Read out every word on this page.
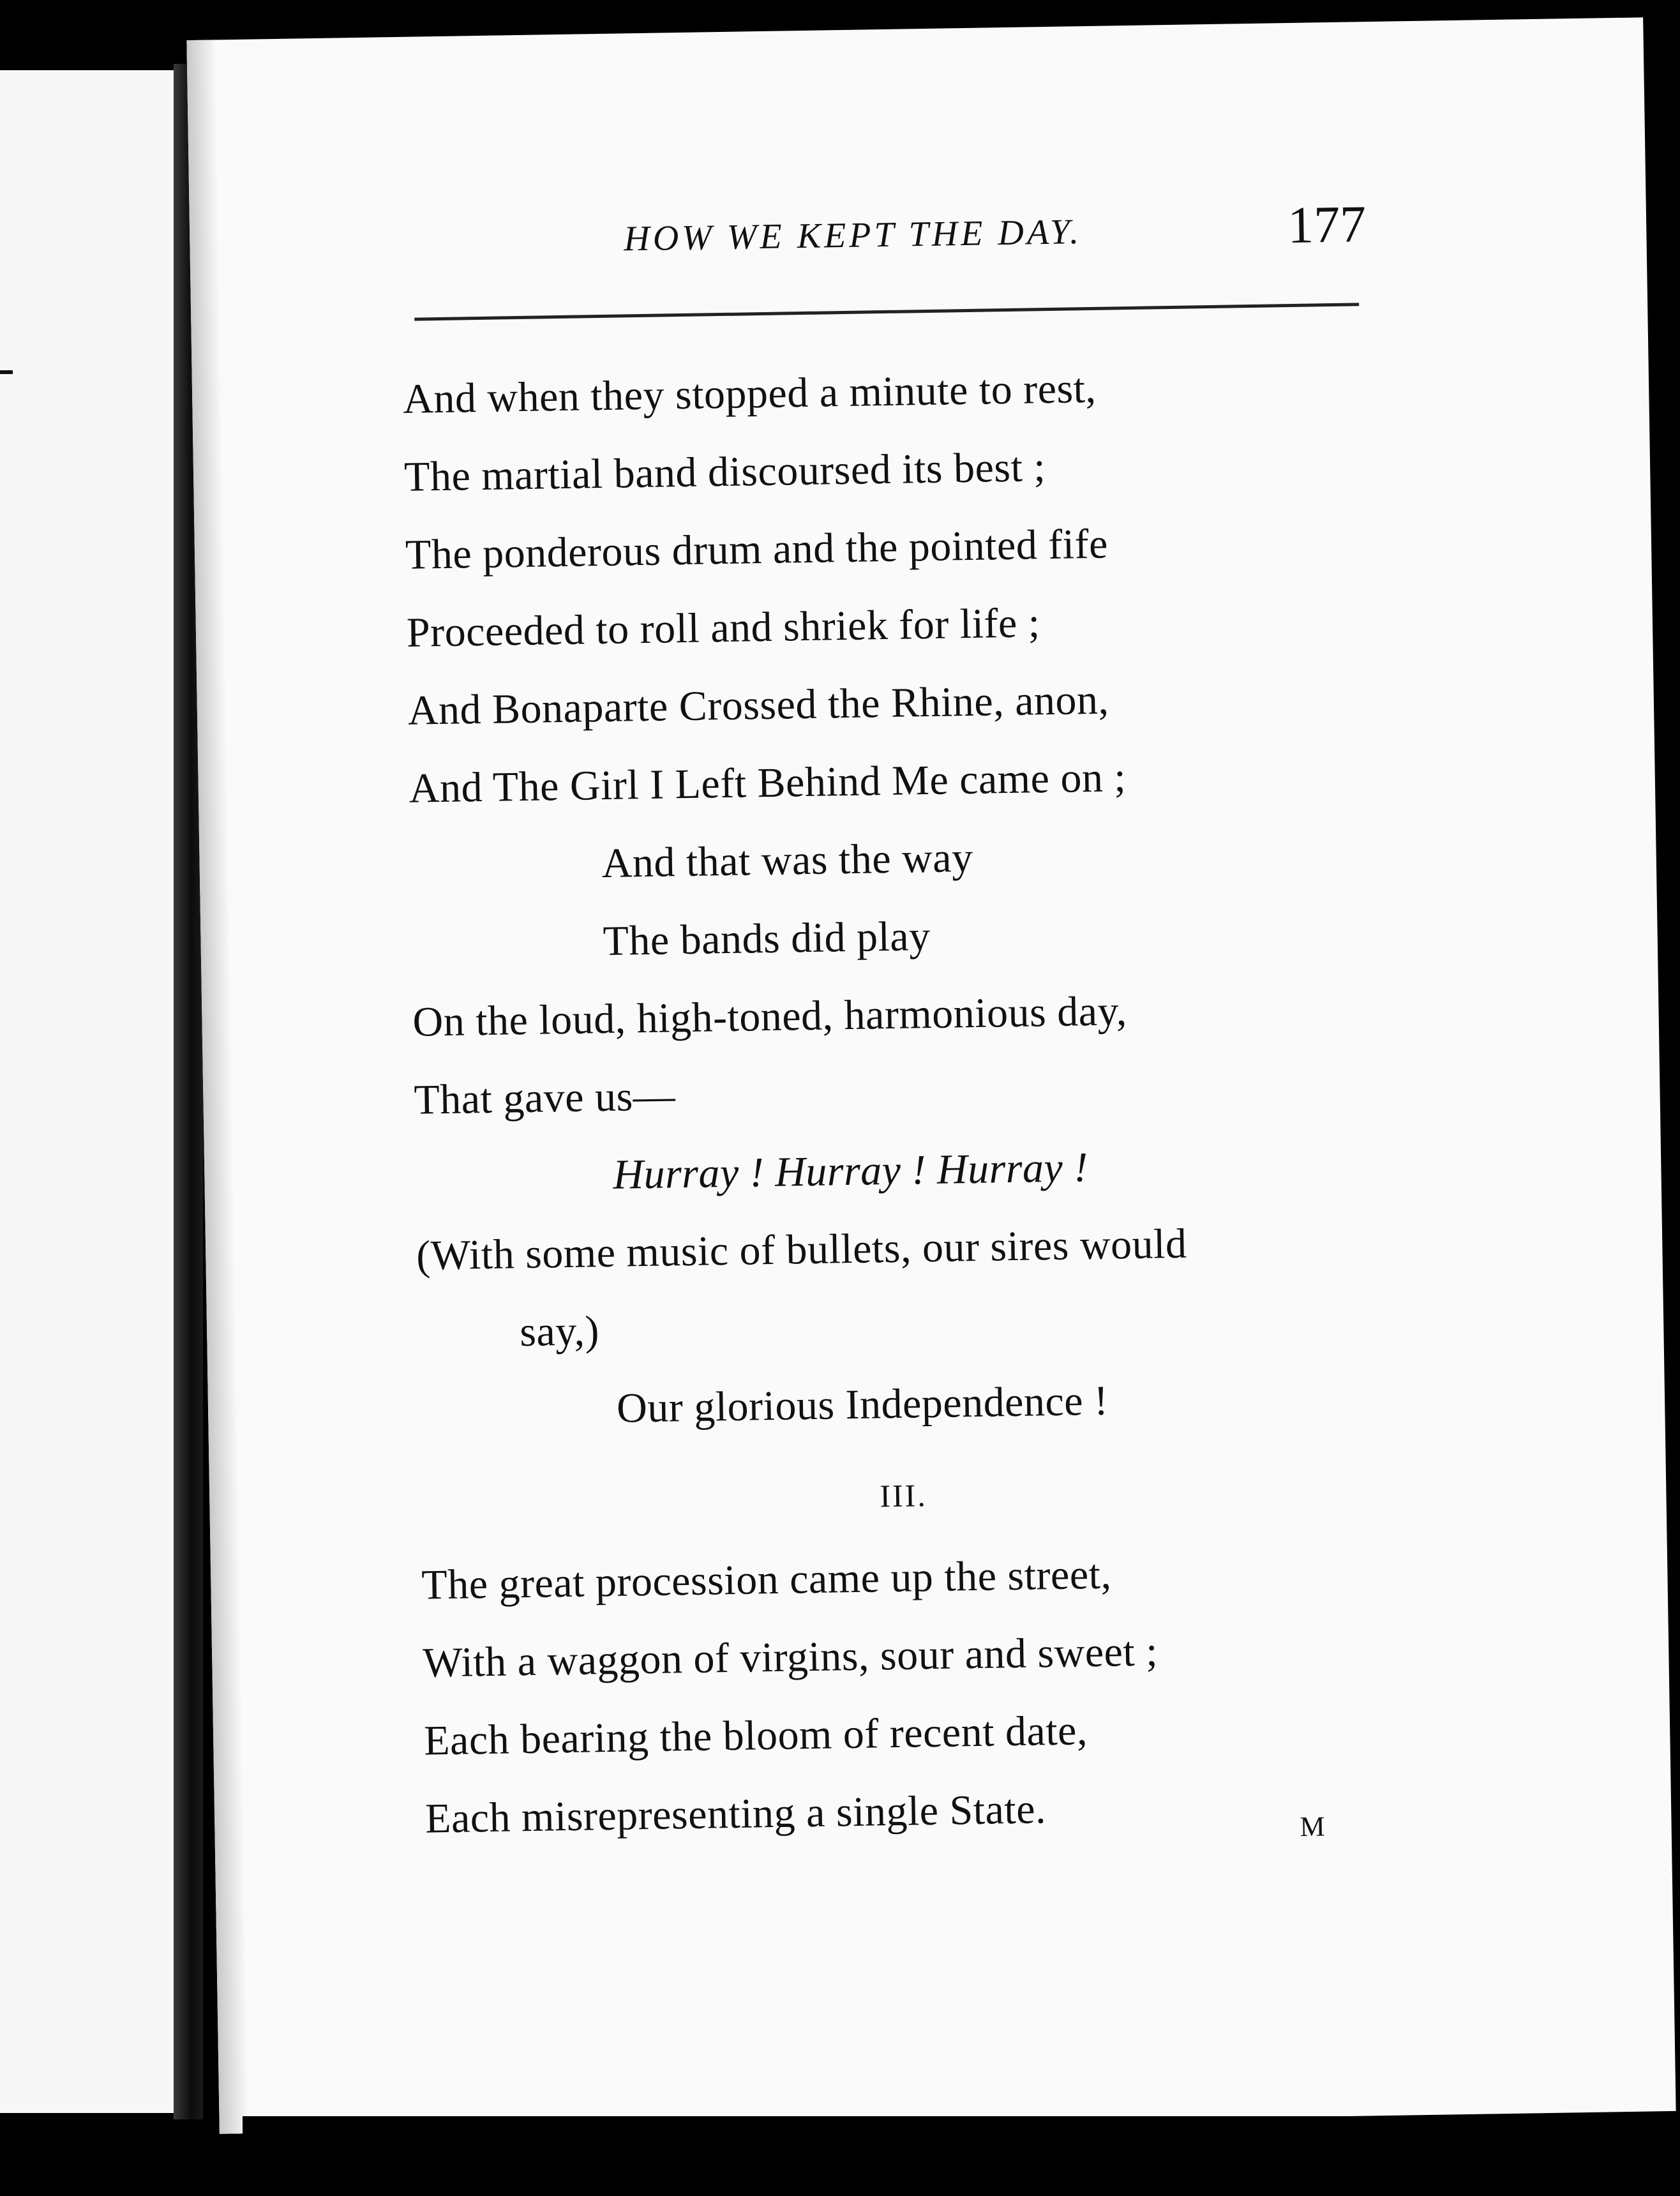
HOW WE KEPT THE DAY.	177
And when they stopped a minute to rest,
The martial band discoursed its best ;
The ponderous drum and the pointed fife
Proceeded to roll and shriek for life ;
And Bonaparte Crossed the Rhine, anon,
And The Girl I Left Behind Me came on ;
And that was the way
The bands did play
On the loud, high-toned, harmonious day,
That gave us—
Hurray ! Hurray ! Hurray !
(With some music of bullets, our sires would
say,)
Our glorious Independence !
III.
The great procession came up the street,
With a waggon of virgins, sour and sweet ;
Each bearing the bloom of recent date,
Each misrepresenting a single State.	M
